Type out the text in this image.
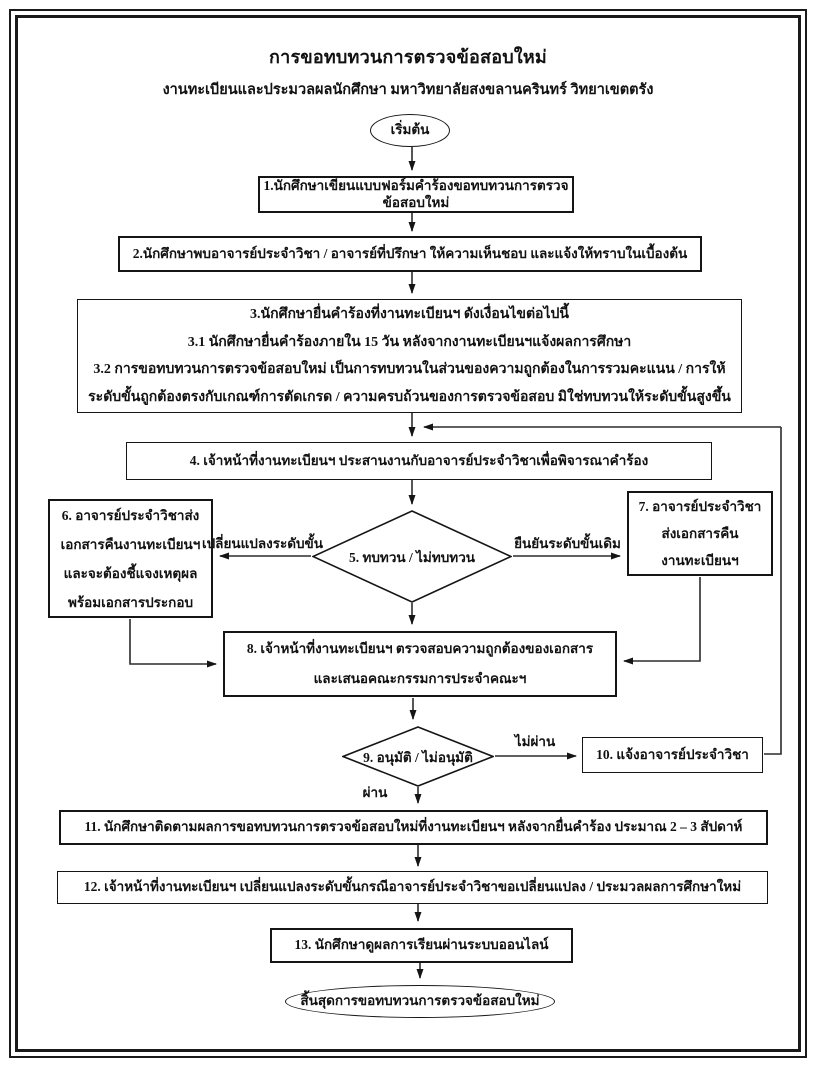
การขอทบทวนการตรวจข้อสอบใหม่
งานทะเบียนและประมวลผลนักศึกษา มหาวิทยาลัยสงขลานครินทร์ วิทยาเขตตรัง
เริ่มต้น
1.นักศึกษาเขียนแบบฟอร์มคำร้องขอทบทวนการตรวจข้อสอบใหม่
2.นักศึกษาพบอาจารย์ประจำวิชา / อาจารย์ที่ปรึกษา ให้ความเห็นชอบ และแจ้งให้ทราบในเบื้องต้น
3.นักศึกษายื่นคำร้องที่งานทะเบียนฯ ดังเงื่อนไขต่อไปนี้
3.1 นักศึกษายื่นคำร้องภายใน 15 วัน หลังจากงานทะเบียนฯแจ้งผลการศึกษา
3.2 การขอทบทวนการตรวจข้อสอบใหม่ เป็นการทบทวนในส่วนของความถูกต้องในการรวมคะแนน / การให้
ระดับขั้นถูกต้องตรงกับเกณฑ์การตัดเกรด / ความครบถ้วนของการตรวจข้อสอบ มิใช่ทบทวนให้ระดับขั้นสูงขึ้น
4. เจ้าหน้าที่งานทะเบียนฯ ประสานงานกับอาจารย์ประจำวิชาเพื่อพิจารณาคำร้อง
5. ทบทวน / ไม่ทบทวน
6. อาจารย์ประจำวิชาส่ง
เอกสารคืนงานทะเบียนฯ
และจะต้องชี้แจงเหตุผล
พร้อมเอกสารประกอบ
7. อาจารย์ประจำวิชา
ส่งเอกสารคืน
งานทะเบียนฯ
8. เจ้าหน้าที่งานทะเบียนฯ ตรวจสอบความถูกต้องของเอกสาร
และเสนอคณะกรรมการประจำคณะฯ
9. อนุมัติ / ไม่อนุมัติ	10. แจ้งอาจารย์ประจำวิชา
11. นักศึกษาติดตามผลการขอทบทวนการตรวจข้อสอบใหม่ที่งานทะเบียนฯ หลังจากยื่นคำร้อง ประมาณ 2 – 3 สัปดาห์
12. เจ้าหน้าที่งานทะเบียนฯ เปลี่ยนแปลงระดับขั้นกรณีอาจารย์ประจำวิชาขอเปลี่ยนแปลง / ประมวลผลการศึกษาใหม่
13. นักศึกษาดูผลการเรียนผ่านระบบออนไลน์
สิ้นสุดการขอทบทวนการตรวจข้อสอบใหม่
เปลี่ยนแปลงระดับขั้น	ยืนยันระดับขั้นเดิม
ไม่ผ่าน
ผ่าน
